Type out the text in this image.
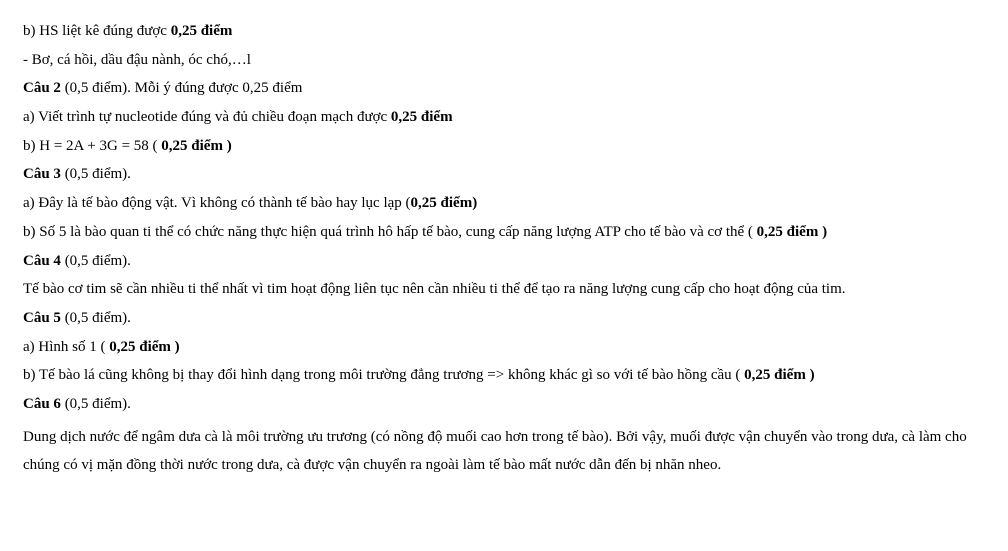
b) HS liệt kê đúng được 0,25 điểm
- Bơ, cá hồi, dầu đậu nành, óc chó,…l
Câu 2 (0,5 điểm). Mỗi ý đúng được 0,25 điểm
a) Viết trình tự nucleotide đúng và đủ chiều đoạn mạch được 0,25 điểm
b) H = 2A + 3G = 58 ( 0,25 điểm )
Câu 3 (0,5 điểm).
a) Đây là tế bào động vật. Vì không có thành tế bào hay lục lạp (0,25 điểm)
b) Số 5 là bào quan ti thể có chức năng thực hiện quá trình hô hấp tế bào, cung cấp năng lượng ATP cho tế bào và cơ thể ( 0,25 điểm )
Câu 4 (0,5 điểm).
Tế bào cơ tim sẽ cần nhiều ti thể nhất vì tim hoạt động liên tục nên cần nhiều ti thể để tạo ra năng lượng cung cấp cho hoạt động của tim.
Câu 5 (0,5 điểm).
a) Hình số 1 ( 0,25 điểm )
b) Tế bào lá cũng không bị thay đổi hình dạng trong môi trường đẳng trương => không khác gì so với tế bào hồng cầu ( 0,25 điểm )
Câu 6 (0,5 điểm).
Dung dịch nước để ngâm dưa cà là môi trường ưu trương (có nồng độ muối cao hơn trong tế bào). Bởi vậy, muối được vận chuyển vào trong dưa, cà làm cho chúng có vị mặn đồng thời nước trong dưa, cà được vận chuyển ra ngoài làm tế bào mất nước dẫn đến bị nhăn nheo.
